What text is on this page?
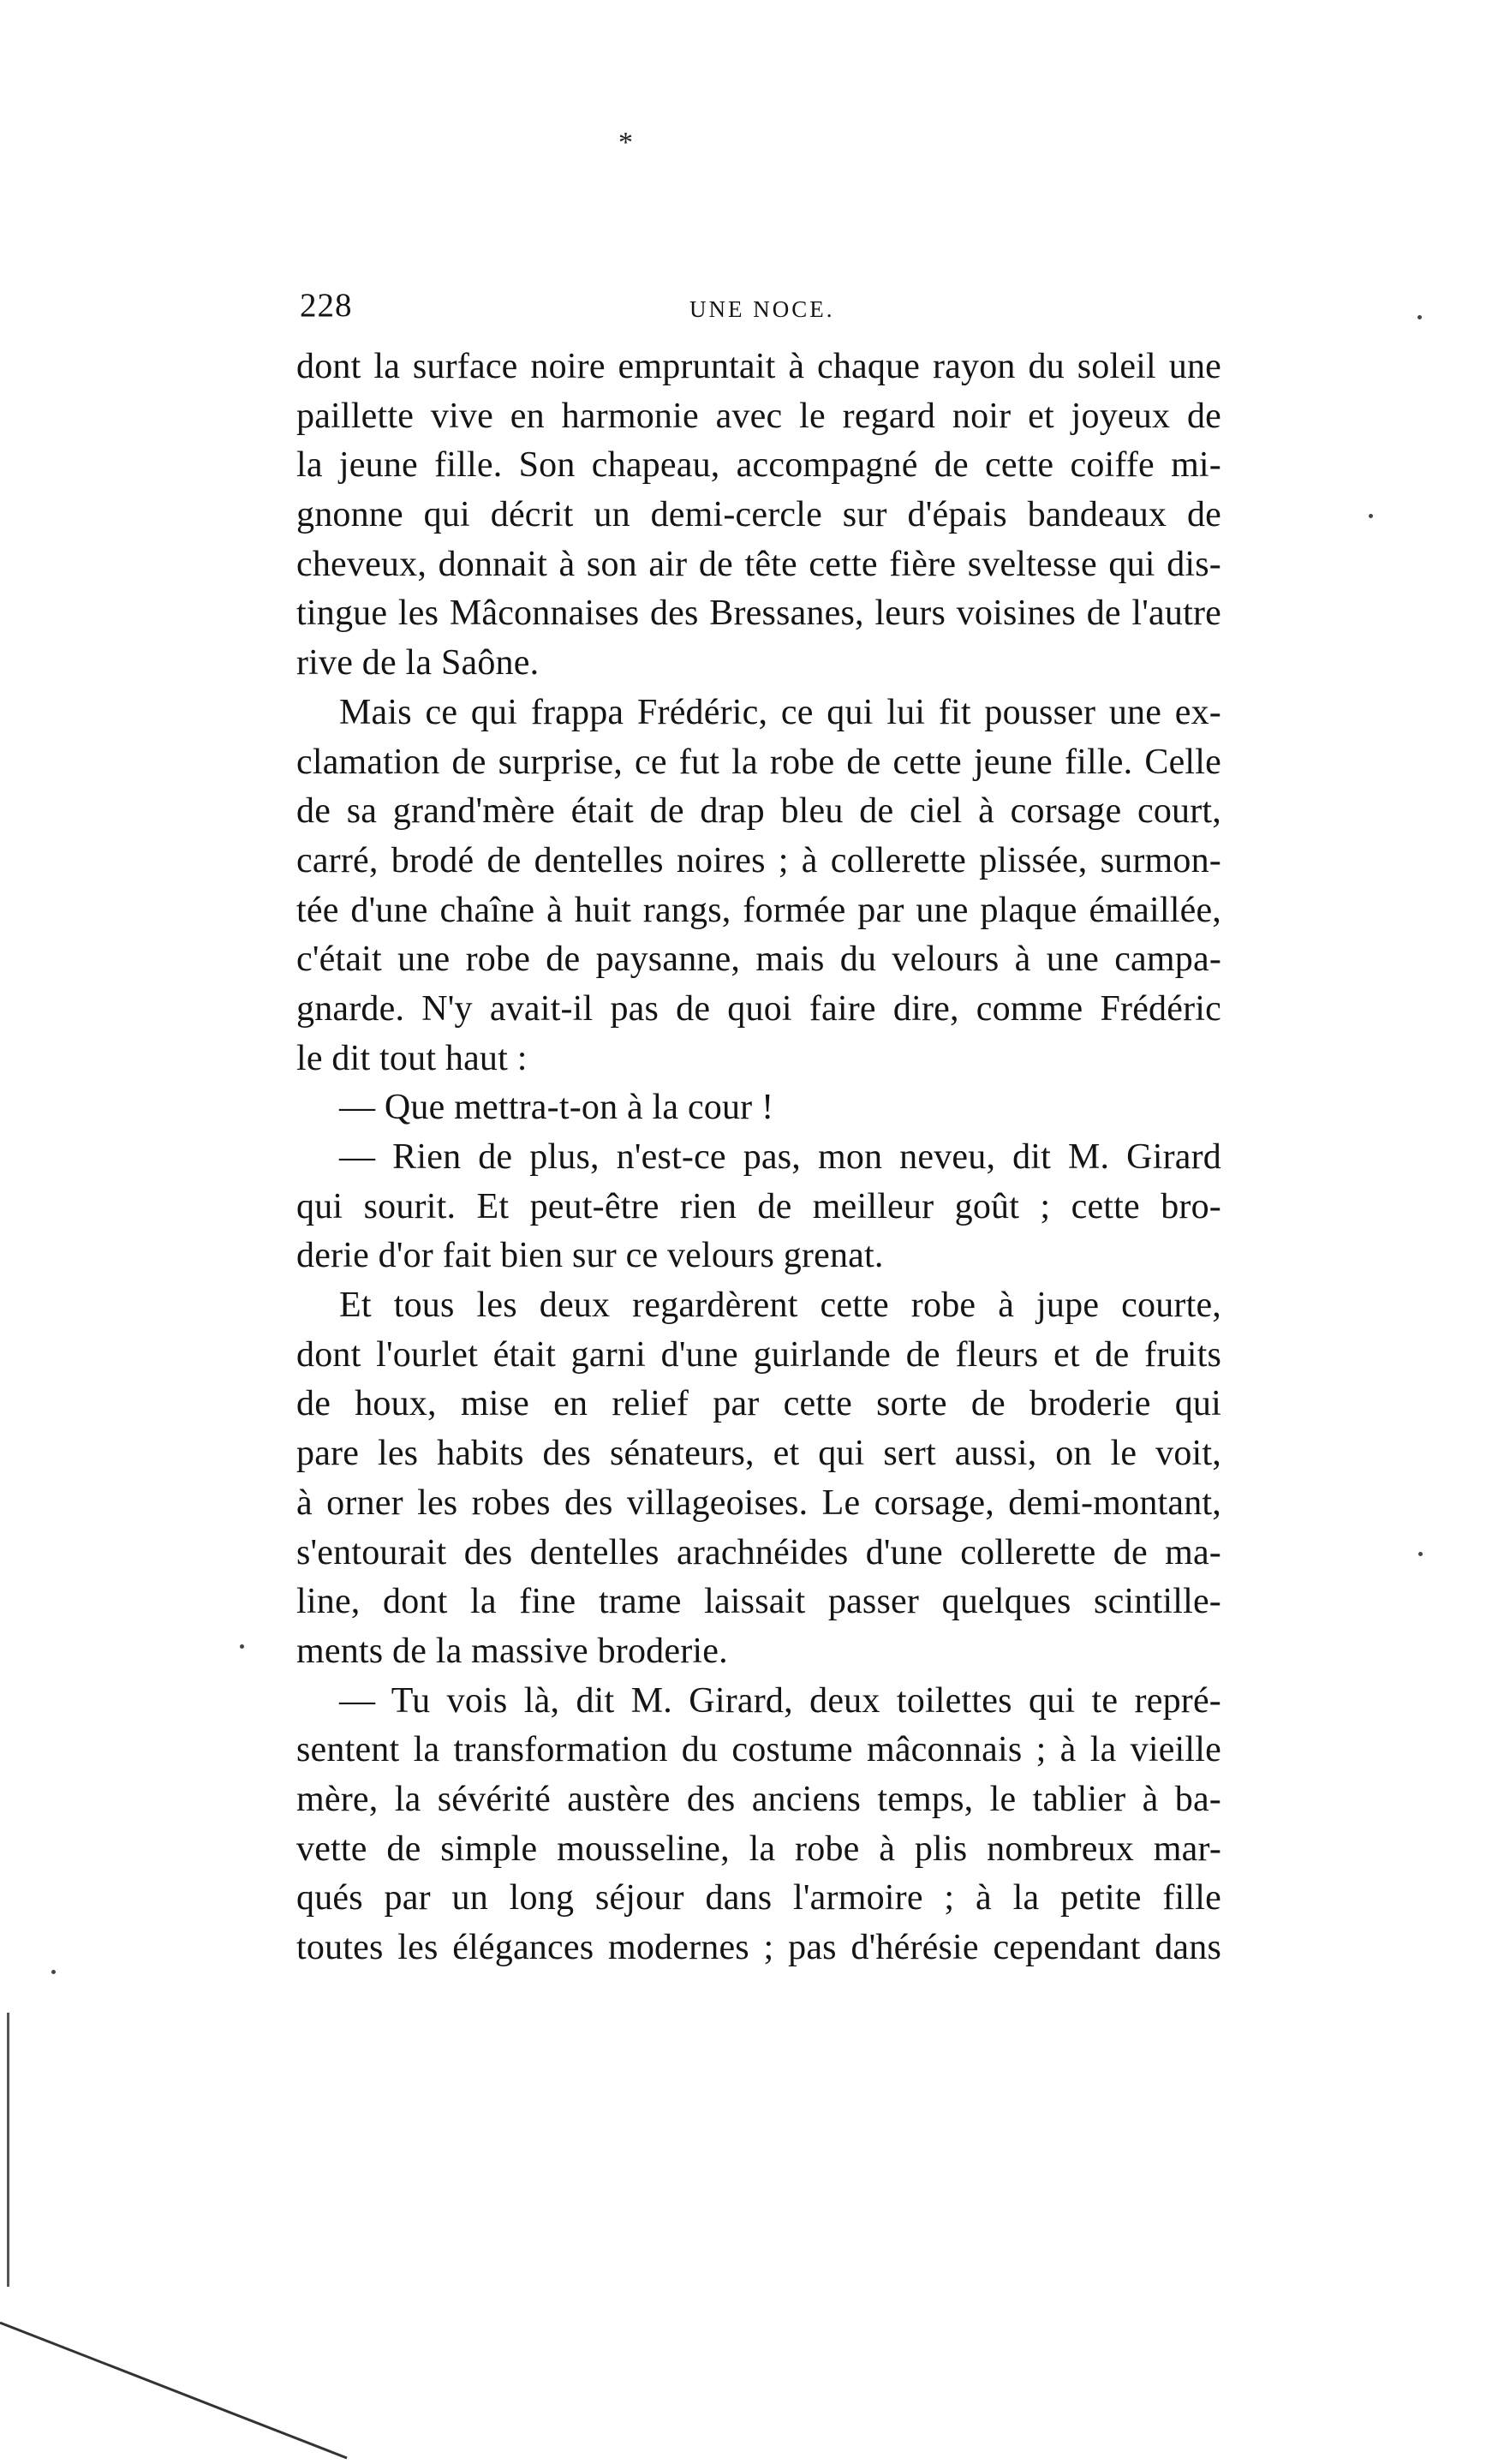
*
228	UNE NOCE.
dont la surface noire empruntait à chaque rayon du soleil une
paillette vive en harmonie avec le regard noir et joyeux de
la jeune fille. Son chapeau, accompagné de cette coiffe mi-
gnonne qui décrit un demi-cercle sur d'épais bandeaux de
cheveux, donnait à son air de tête cette fière sveltesse qui dis-
tingue les Mâconnaises des Bressanes, leurs voisines de l'autre
rive de la Saône.
Mais ce qui frappa Frédéric, ce qui lui fit pousser une ex-
clamation de surprise, ce fut la robe de cette jeune fille. Celle
de sa grand'mère était de drap bleu de ciel à corsage court,
carré, brodé de dentelles noires ; à collerette plissée, surmon-
tée d'une chaîne à huit rangs, formée par une plaque émaillée,
c'était une robe de paysanne, mais du velours à une campa-
gnarde. N'y avait-il pas de quoi faire dire, comme Frédéric
le dit tout haut :
— Que mettra-t-on à la cour !
— Rien de plus, n'est-ce pas, mon neveu, dit M. Girard
qui sourit. Et peut-être rien de meilleur goût ; cette bro-
derie d'or fait bien sur ce velours grenat.
Et tous les deux regardèrent cette robe à jupe courte,
dont l'ourlet était garni d'une guirlande de fleurs et de fruits
de houx, mise en relief par cette sorte de broderie qui
pare les habits des sénateurs, et qui sert aussi, on le voit,
à orner les robes des villageoises. Le corsage, demi-montant,
s'entourait des dentelles arachnéides d'une collerette de ma-
line, dont la fine trame laissait passer quelques scintille-
ments de la massive broderie.
— Tu vois là, dit M. Girard, deux toilettes qui te repré-
sentent la transformation du costume mâconnais ; à la vieille
mère, la sévérité austère des anciens temps, le tablier à ba-
vette de simple mousseline, la robe à plis nombreux mar-
qués par un long séjour dans l'armoire ; à la petite fille
toutes les élégances modernes ; pas d'hérésie cependant dans
